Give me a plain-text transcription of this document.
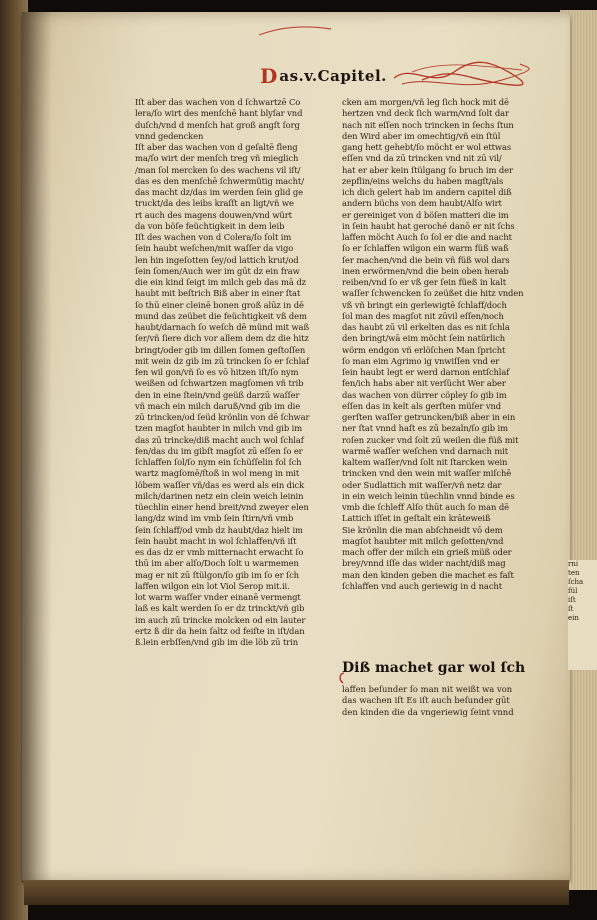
rni
ten
ſcha
fül
iſt
ſt
ein
D as.v.Capitel.
Iſt aber das wachen von d ſchwartzē Co
lera/ſo wirt des menſchē hant blyſar vnd
duſch/vnd d menſch hat groß angſt ſorg
vnnd gedencken
Iſt aber das wachen von d geſaltē fleng
ma/ſo wirt der menſch treg vñ mieglich
/man ſol mercken ſo des wachens vil iſt/
das es den menſchē ſchwermütig macht/
das macht dz/das im werden ſein glid ge
truckt/da des leibs kraſſt an ligt/vñ we
rt auch des magens douwen/vnd würt
da von böſe feüchtigkeit in dem leib
Iſt des wachen von d Colera/ſo ſolt im
ſein haubt weſchen/mit waſſer da vigo
len hin ingeſotten ſey/od lattich krut/od
ſein ſomen/Auch wer im gūt dz ein fraw
die ein kind ſeigt im milch geb das mā dz
haubt mit beſtrich Biß aber in einer ſtat
ſo thū einer cleinē bonen groß alūz in dē
mund das zeübet die feüchtigkeit vß dem
haubt/darnach ſo weſch dē münd mit waß
ſer/vñ ſiere dich vor allem dem dz die hitz
bringt/oder gib im dillen ſomen geſtoſſen
mit wein dz gib im zū trincken ſo er ſchlaf
fen wil gon/vñ ſo es vō hitzen iſt/ſo nym
weißen od ſchwartzen magſomen vñ trib
den in eine ſtein/vnd geüß darzū waſſer
vñ mach ein milch daruß/vnd gib im die
zū trincken/od ſeüd krönlin von dē ſchwar
tzen magſot haubter in milch vnd gib im
das zū trincke/diß macht auch wol ſchlaf
fen/das du im gibſt magſot zū eſſen ſo er
ſchlaffen ſol/ſo nym ein ſchüſſelin fol ſch
wartz magſomē/ſtoß in wol meng in mit
löbem waſſer vñ/das es werd als ein dick
milch/darinen netz ein clein weich leinin
tüechlin einer hend breit/vnd zweyer elen
lang/dz wind im vmb ſein ſtirn/vñ vmb
ſein ſchlaff/od vmb dz haubt/daz hielt im
ſein haubt macht in wol ſchlaffen/vñ iſt
es das dz er vmb mitternacht erwacht ſo
thū im aber alſo/Doch ſolt u warmemen
mag er nit zū ſtülgon/ſo gib im ſo er ſch
laffen wilgon ein lot Viol Serop mit.ii.
lot warm waſſer vnder einanē vermengt
laß es kalt werden ſo er dz trinckt/vñ gib
im auch zū trincke molcken od ein lauter
ertz ß dir da hein ſaltz od feiſte in iſt/dan
ß.lein erbſſen/vnd gib im die löb zū trin
cken am morgen/vñ leg ſich hock mit dē
hertzen vnd deck ſich warm/vnd ſolt dar
nach nit eſſen noch trincken in ſechs ſtun
den Wird aber im omechtig/vñ ein ſtül
gang hett gehebt/ſo möcht er wol ettwas
eſſen vnd da zū trincken vnd nit zū vil/
hat er aber kein ſtülgang ſo bruch im der
zepflin/eins welchs du haben magſt/als
ich dich gelert hab im andern capitel diß
andern büchs von dem haubt/Alſo wirt
er gereiniget von d böſen matteri die im
in ſein haubt hat geroché danō er nit ſchs
laffen möcht Auch ſo ſol er die and nacht
ſo er ſchlaffen wilgon ein warm füß waß
ſer machen/vnd die bein vñ füß wol dars
inen erwörmen/vnd die bein oben herab
reiben/vnd ſo er vß ger ſein füeß in kalt
waſſer ſchwencken ſo zeüßet die hitz vnden
vß vñ bringt ein gerlewigtē ſchlaff/doch
ſol man des magſot nit zūvil eſſen/noch
das haubt zū vil erkelten das es nit ſchla
den bringt/wā eim möcht ſein natürlich
wörm endgon vñ erlöſchen Man ſpricht
ſo man eim Agrimo ig vnwiſſen vnd er
ſein haubt legt er werd darnon entſchlaf
fen/ich habs aber nit verſücht Wer aber
das wachen von dürrer cöpley ſo gib im
eſſen das in kelt als gerſten müſer vnd
gerſten waſſer getruncken/biß aber in ein
ner ſtat vnnd haſt es zū bezaln/ſo gib im
roſen zucker vnd ſolt zū weilen die füß mit
warmē waſſer weſchen vnd darnach mit
kaltem waſſer/vnd ſolt nit ſtarcken wein
trincken vnd den wein mit waſſer miſchē
oder Sudlattich mit waſſer/vñ netz dar
in ein weich leinin tüechlin vnnd binde es
vmb die ſchleff Alſo thūt auch ſo man dē
Lattich iſſet in geſtalt ein krāteweiß
Sie krönlin die man abſchneidt vō dem
magſot haubter mit milch geſotten/vnd
mach offer der milch ein grieß müß oder
brey/vnnd iſſe das wider nacht/diß mag
man den kinden geben die machet es faſt
ſchlaffen vnd auch geriewig in d nacht
Diß machet gar wol ſch
laffen beſunder ſo man nit weißt wa von
das wachen iſt Es iſt auch beſunder gūt
den kinden die da vngeriewig ſeint vnnd
